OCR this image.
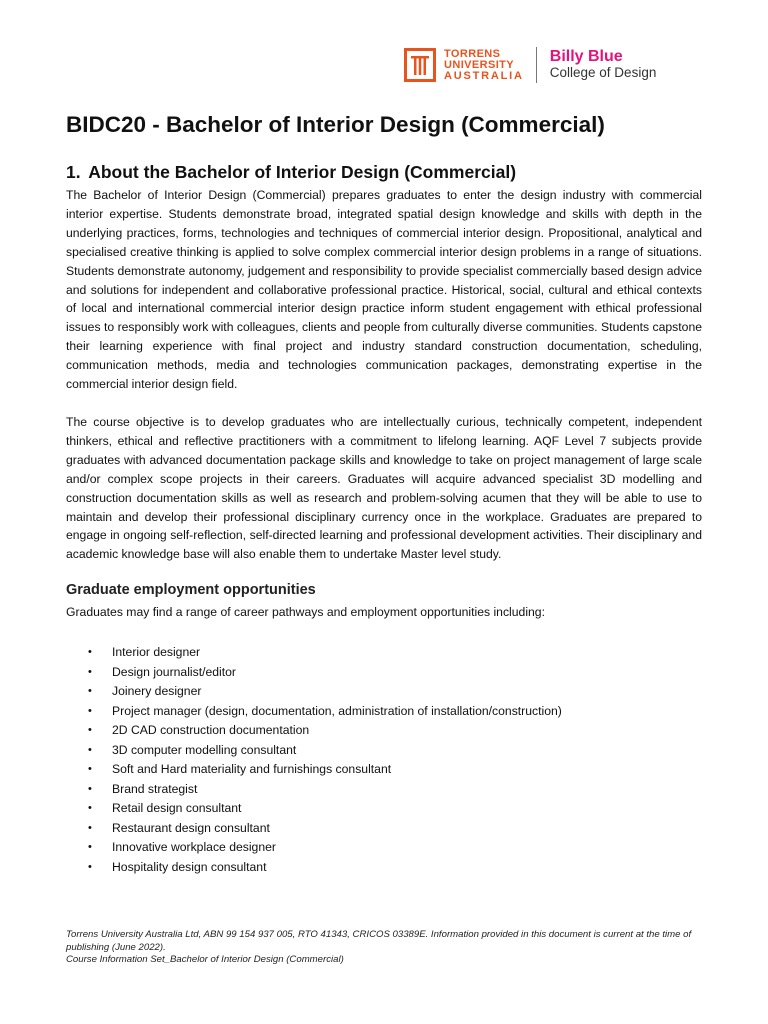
TORRENS
UNIVERSITY
AUSTRALIA
Billy Blue
College of Design
BIDC20 - Bachelor of Interior Design (Commercial)
1. About the Bachelor of Interior Design (Commercial)

The Bachelor of Interior Design (Commercial) prepares graduates to enter the design industry with commercial interior expertise. Students demonstrate broad, integrated spatial design knowledge and skills with depth in the underlying practices, forms, technologies and techniques of commercial interior design. Propositional, analytical and specialised creative thinking is applied to solve complex commercial interior design problems in a range of situations. Students demonstrate autonomy, judgement and responsibility to provide specialist commercially based design advice and solutions for independent and collaborative professional practice. Historical, social, cultural and ethical contexts of local and international commercial interior design practice inform student engagement with ethical professional issues to responsibly work with colleagues, clients and people from culturally diverse communities. Students capstone their learning experience with final project and industry standard construction documentation, scheduling, communication methods, media and technologies communication packages, demonstrating expertise in the commercial interior design field.

The course objective is to develop graduates who are intellectually curious, technically competent, independent thinkers, ethical and reflective practitioners with a commitment to lifelong learning. AQF Level 7 subjects provide graduates with advanced documentation package skills and knowledge to take on project management of large scale and/or complex scope projects in their careers. Graduates will acquire advanced specialist 3D modelling and construction documentation skills as well as research and problem-solving acumen that they will be able to use to maintain and develop their professional disciplinary currency once in the workplace. Graduates are prepared to engage in ongoing self-reflection, self-directed learning and professional development activities. Their disciplinary and academic knowledge base will also enable them to undertake Master level study.

Graduate employment opportunities

Graduates may find a range of career pathways and employment opportunities including:

• Interior designer
• Design journalist/editor
• Joinery designer
• Project manager (design, documentation, administration of installation/construction)
• 2D CAD construction documentation
• 3D computer modelling consultant
• Soft and Hard materiality and furnishings consultant
• Brand strategist
• Retail design consultant
• Restaurant design consultant
• Innovative workplace designer
• Hospitality design consultant
Torrens University Australia Ltd, ABN 99 154 937 005, RTO 41343, CRICOS 03389E. Information provided in this document is current at the time of publishing (June 2022).
Course Information Set_Bachelor of Interior Design (Commercial)
